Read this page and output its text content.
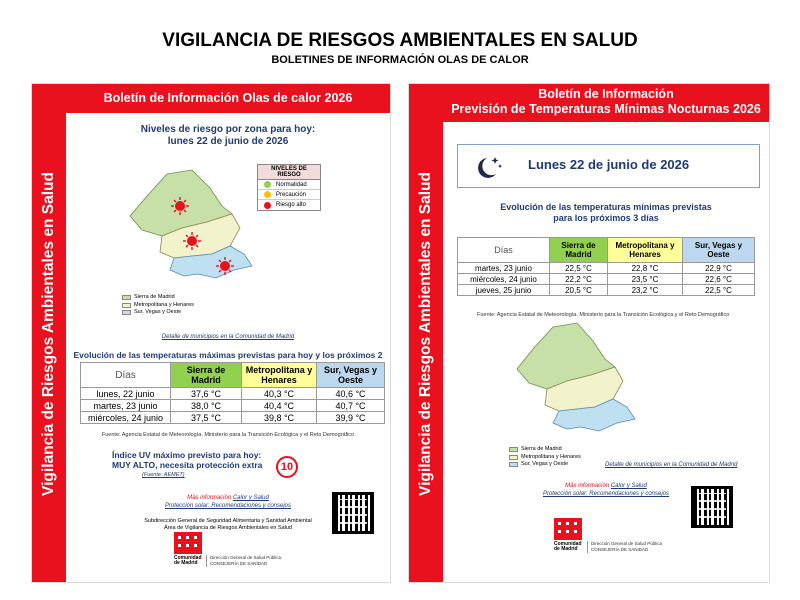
VIGILANCIA DE RIESGOS AMBIENTALES EN SALUD
BOLETINES DE INFORMACIÓN OLAS DE CALOR
Vigilancia de Riesgos Ambientales en Salud
Boletín de Información Olas de calor 2026
Niveles de riesgo por zona para hoy:
lunes 22 de junio de 2026
NIVELES DE RIESGO
Normalidad
Precaución
Riesgo alto
Sierra de Madrid
Metropolitana y Henares
Sur, Vegas y Oeste
Detalle de municipios en la Comunidad de Madrid
Evolución de las temperaturas máximas previstas para hoy y los próximos 2
Días	Sierra de Madrid	Metropolitana y Henares	Sur, Vegas y Oeste
lunes, 22 junio	37,6 °C	40,3 °C	40,6 °C
martes, 23 junio	38,0 °C	40,4 °C	40,7 °C
miércoles, 24 junio	37,5 °C	39,8 °C	39,9 °C
Fuente: Agencia Estatal de Meteorología. Ministerio para la Transición Ecológica y el Reto Demográfico
Índice UV máximo previsto para hoy:
MUY ALTO, necesita protección extra
(Fuente: AEMET)
10
Más información Calor y Salud
Protección solar: Recomendaciones y consejos
Subdirección General de Seguridad Alimentaria y Sanidad Ambiental
Área de Vigilancia de Riesgos Ambientales en Salud
Comunidad
de Madrid
Dirección General de Salud Pública
CONSEJERÍA DE SANIDAD
Vigilancia de Riesgos Ambientales en Salud
Boletín de Información
Previsión de Temperaturas Mínimas Nocturnas 2026
Lunes 22 de junio de 2026
Evolución de las temperaturas mínimas previstas
para los próximos 3 días
Días	Sierra de Madrid	Metropolitana y Henares	Sur, Vegas y Oeste
martes, 23 junio	22,5 °C	22,8 °C	22,9 °C
miércoles, 24 junio	22,2 °C	23,5 °C	22,6 °C
jueves, 25 junio	20,5 °C	23,2 °C	22,5 °C
Fuente: Agencia Estatal de Meteorología. Ministerio para la Transición Ecológica y el Reto Demográfico
Sierra de Madrid
Metropolitana y Henares
Sur, Vegas y Oeste	Detalle de municipios en la Comunidad de Madrid
Más información Calor y Salud
Protección solar: Recomendaciones y consejos
Comunidad
de Madrid
Dirección General de Salud Pública
CONSEJERÍA DE SANIDAD
